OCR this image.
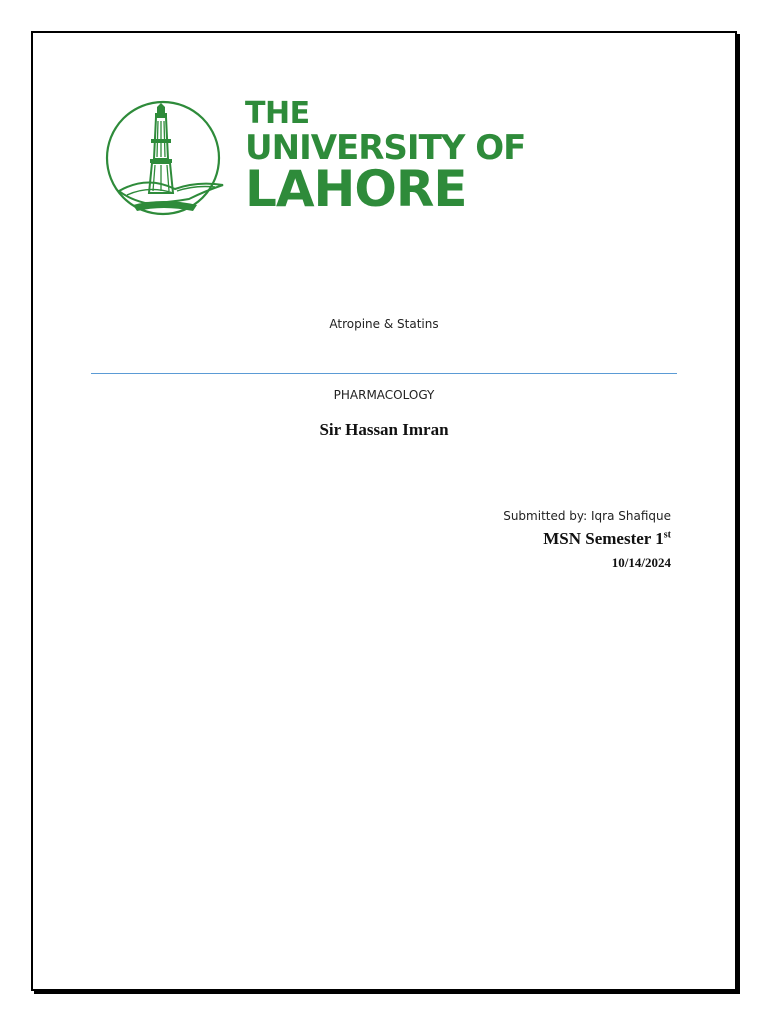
THE
UNIVERSITY OF
LAHORE
Atropine & Statins
PHARMACOLOGY
Sir Hassan Imran
Submitted by: Iqra Shafique
MSN Semester 1st
10/14/2024
